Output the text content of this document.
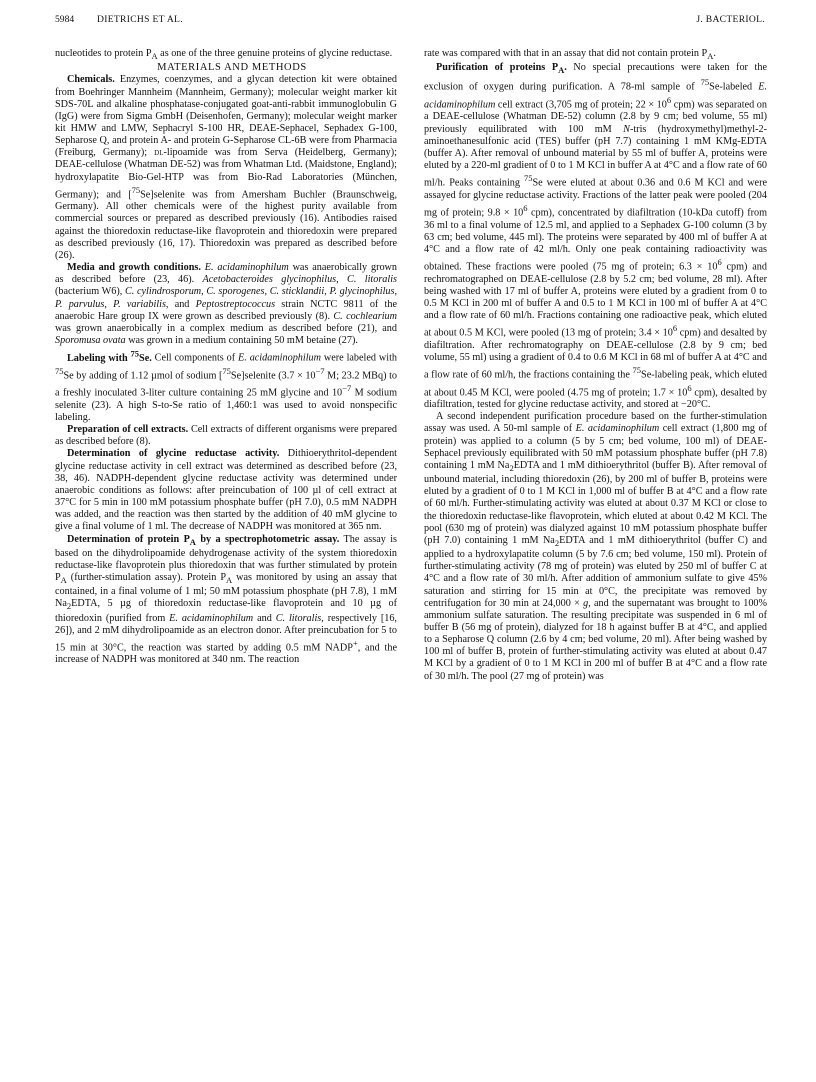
5984 DIETRICHS ET AL.	J. BACTERIOL.

nucleotides to protein $P_A$ as one of the three genuine proteins of glycine reductase.

MATERIALS AND METHODS

Chemicals. Enzymes, coenzymes, and a glycan detection kit were obtained from Boehringer Mannheim (Mannheim, Germany); molecular weight marker kit SDS-70L and alkaline phosphatase-conjugated goat-anti-rabbit immunoglobulin G (IgG) were from Sigma GmbH (Deisenhofen, Germany); molecular weight marker kit HMW and LMW, Sephacryl S-100 HR, DEAE-Sephacel, Sephadex G-100, Sepharose Q, and protein A- and protein G-Sepharose CL-6B were from Pharmacia (Freiburg, Germany); dl-lipoamide was from Serva (Heidelberg, Germany); DEAE-cellulose (Whatman DE-52) was from Whatman Ltd. (Maidstone, England); hydroxylapatite Bio-Gel-HTP was from Bio-Rad Laboratories (München, Germany); and [$^{75}$Se]selenite was from Amersham Buchler (Braunschweig, Germany). All other chemicals were of the highest purity available from commercial sources or prepared as described previously (16). Antibodies raised against the thioredoxin reductase-like flavoprotein and thioredoxin were prepared as described previously (16, 17). Thioredoxin was prepared as described before (26).

Media and growth conditions. E. acidaminophilum was anaerobically grown as described before (23, 46). Acetobacteroides glycinophilus, C. litoralis (bacterium W6), C. cylindrosporum, C. sporogenes, C. sticklandii, P. glycinophilus, P. parvulus, P. variabilis, and Peptostreptococcus strain NCTC 9811 of the anaerobic Hare group IX were grown as described previously (8). C. cochlearium was grown anaerobically in a complex medium as described before (21), and Sporomusa ovata was grown in a medium containing 50 mM betaine (27).

Labeling with $^{75}$Se. Cell components of E. acidaminophilum were labeled with $^{75}$Se by adding of 1.12 µmol of sodium [$^{75}$Se]selenite ($3.7 \times 10^{-7}$ M; 23.2 MBq) to a freshly inoculated 3-liter culture containing 25 mM glycine and $10^{-7}$ M sodium selenite (23). A high S-to-Se ratio of 1,460:1 was used to avoid nonspecific labeling.

Preparation of cell extracts. Cell extracts of different organisms were prepared as described before (8).

Determination of glycine reductase activity. Dithioerythritol-dependent glycine reductase activity in cell extract was determined as described before (23, 38, 46). NADPH-dependent glycine reductase activity was determined under anaerobic conditions as follows: after preincubation of 100 µl of cell extract at 37°C for 5 min in 100 mM potassium phosphate buffer (pH 7.0), 0.5 mM NADPH was added, and the reaction was then started by the addition of 40 mM glycine to give a final volume of 1 ml. The decrease of NADPH was monitored at 365 nm.

Determination of protein $P_A$ by a spectrophotometric assay. The assay is based on the dihydrolipoamide dehydrogenase activity of the system thioredoxin reductase-like flavoprotein plus thioredoxin that was further stimulated by protein $P_A$ (further-stimulation assay). Protein $P_A$ was monitored by using an assay that contained, in a final volume of 1 ml; 50 mM potassium phosphate (pH 7.8), 1 mM $Na_2EDTA$, 5 µg of thioredoxin reductase-like flavoprotein and 10 µg of thioredoxin (purified from E. acidaminophilum and C. litoralis, respectively [16, 26]), and 2 mM dihydrolipoamide as an electron donor. After preincubation for 5 to 15 min at 30°C, the reaction was started by adding 0.5 mM NADP+, and the increase of NADPH was monitored at 340 nm. The reaction

rate was compared with that in an assay that did not contain protein $P_A$.

Purification of proteins $P_A$. No special precautions were taken for the exclusion of oxygen during purification. A 78-ml sample of $^{75}$Se-labeled E. acidaminophilum cell extract (3,705 mg of protein; $22 \times 10^6$ cpm) was separated on a DEAE-cellulose (Whatman DE-52) column (2.8 by 9 cm; bed volume, 55 ml) previously equilibrated with 100 mM N-tris (hydroxymethyl)methyl-2-aminoethanesulfonic acid (TES) buffer (pH 7.7) containing 1 mM KMg-EDTA (buffer A). After removal of unbound material by 55 ml of buffer A, proteins were eluted by a 220-ml gradient of 0 to 1 M KCl in buffer A at 4°C and a flow rate of 60 ml/h. Peaks containing $^{75}$Se were eluted at about 0.36 and 0.6 M KCl and were assayed for glycine reductase activity. Fractions of the latter peak were pooled (204 mg of protein; $9.8 \times 10^6$ cpm), concentrated by diafiltration (10-kDa cutoff) from 36 ml to a final volume of 12.5 ml, and applied to a Sephadex G-100 column (3 by 63 cm; bed volume, 445 ml). The proteins were separated by 400 ml of buffer A at 4°C and a flow rate of 42 ml/h. Only one peak containing radioactivity was obtained. These fractions were pooled (75 mg of protein; $6.3 \times 10^6$ cpm) and rechromatographed on DEAE-cellulose (2.8 by 5.2 cm; bed volume, 28 ml). After being washed with 17 ml of buffer A, proteins were eluted by a gradient from 0 to 0.5 M KCl in 200 ml of buffer A and 0.5 to 1 M KCl in 100 ml of buffer A at 4°C and a flow rate of 60 ml/h. Fractions containing one radioactive peak, which eluted at about 0.5 M KCl, were pooled (13 mg of protein; $3.4 \times 10^6$ cpm) and desalted by diafiltration. After rechromatography on DEAE-cellulose (2.8 by 9 cm; bed volume, 55 ml) using a gradient of 0.4 to 0.6 M KCl in 68 ml of buffer A at 4°C and a flow rate of 60 ml/h, the fractions containing the $^{75}$Se-labeling peak, which eluted at about 0.45 M KCl, were pooled (4.75 mg of protein; $1.7 \times 10^6$ cpm), desalted by diafiltration, tested for glycine reductase activity, and stored at −20°C.

A second independent purification procedure based on the further-stimulation assay was used. A 50-ml sample of E. acidaminophilum cell extract (1,800 mg of protein) was applied to a column (5 by 5 cm; bed volume, 100 ml) of DEAE-Sephacel previously equilibrated with 50 mM potassium phosphate buffer (pH 7.8) containing 1 mM $Na_2EDTA$ and 1 mM dithioerythritol (buffer B). After removal of unbound material, including thioredoxin (26), by 200 ml of buffer B, proteins were eluted by a gradient of 0 to 1 M KCl in 1,000 ml of buffer B at 4°C and a flow rate of 60 ml/h. Further-stimulating activity was eluted at about 0.37 M KCl or close to the thioredoxin reductase-like flavoprotein, which eluted at about 0.42 M KCl. The pool (630 mg of protein) was dialyzed against 10 mM potassium phosphate buffer (pH 7.0) containing 1 mM $Na_2EDTA$ and 1 mM dithioerythritol (buffer C) and applied to a hydroxylapatite column (5 by 7.6 cm; bed volume, 150 ml). Protein of further-stimulating activity (78 mg of protein) was eluted by 250 ml of buffer C at 4°C and a flow rate of 30 ml/h. After addition of ammonium sulfate to give 45% saturation and stirring for 15 min at 0°C, the precipitate was removed by centrifugation for 30 min at 24,000 × g, and the supernatant was brought to 100% ammonium sulfate saturation. The resulting precipitate was suspended in 6 ml of buffer B (56 mg of protein), dialyzed for 18 h against buffer B at 4°C, and applied to a Sepharose Q column (2.6 by 4 cm; bed volume, 20 ml). After being washed by 100 ml of buffer B, protein of further-stimulating activity was eluted at about 0.47 M KCl by a gradient of 0 to 1 M KCl in 200 ml of buffer B at 4°C and a flow rate of 30 ml/h. The pool (27 mg of protein) was
